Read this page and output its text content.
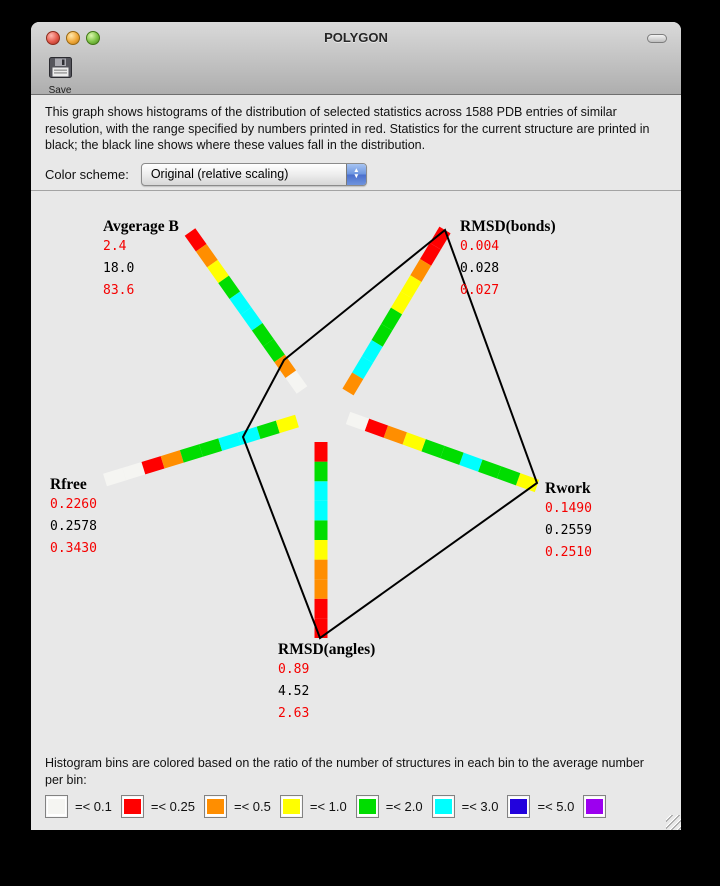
POLYGON
Save
This graph shows histograms of the distribution of selected statistics across 1588 PDB entries of similar resolution, with the range specified by numbers printed in red. Statistics for the current structure are printed in black; the black line shows where these values fall in the distribution.
Color scheme:	Original (relative scaling)	▲
▼
Avgerage B
2.4
18.0
83.6
RMSD(bonds)
0.004
0.028
0.027
Rwork
0.1490
0.2559
0.2510
RMSD(angles)
0.89
4.52
2.63
Rfree
0.2260
0.2578
0.3430
Histogram bins are colored based on the ratio of the number of structures in each bin to the average number per bin:
=< 0.1	=< 0.25	=< 0.5	=< 1.0	=< 2.0	=< 3.0	=< 5.0
